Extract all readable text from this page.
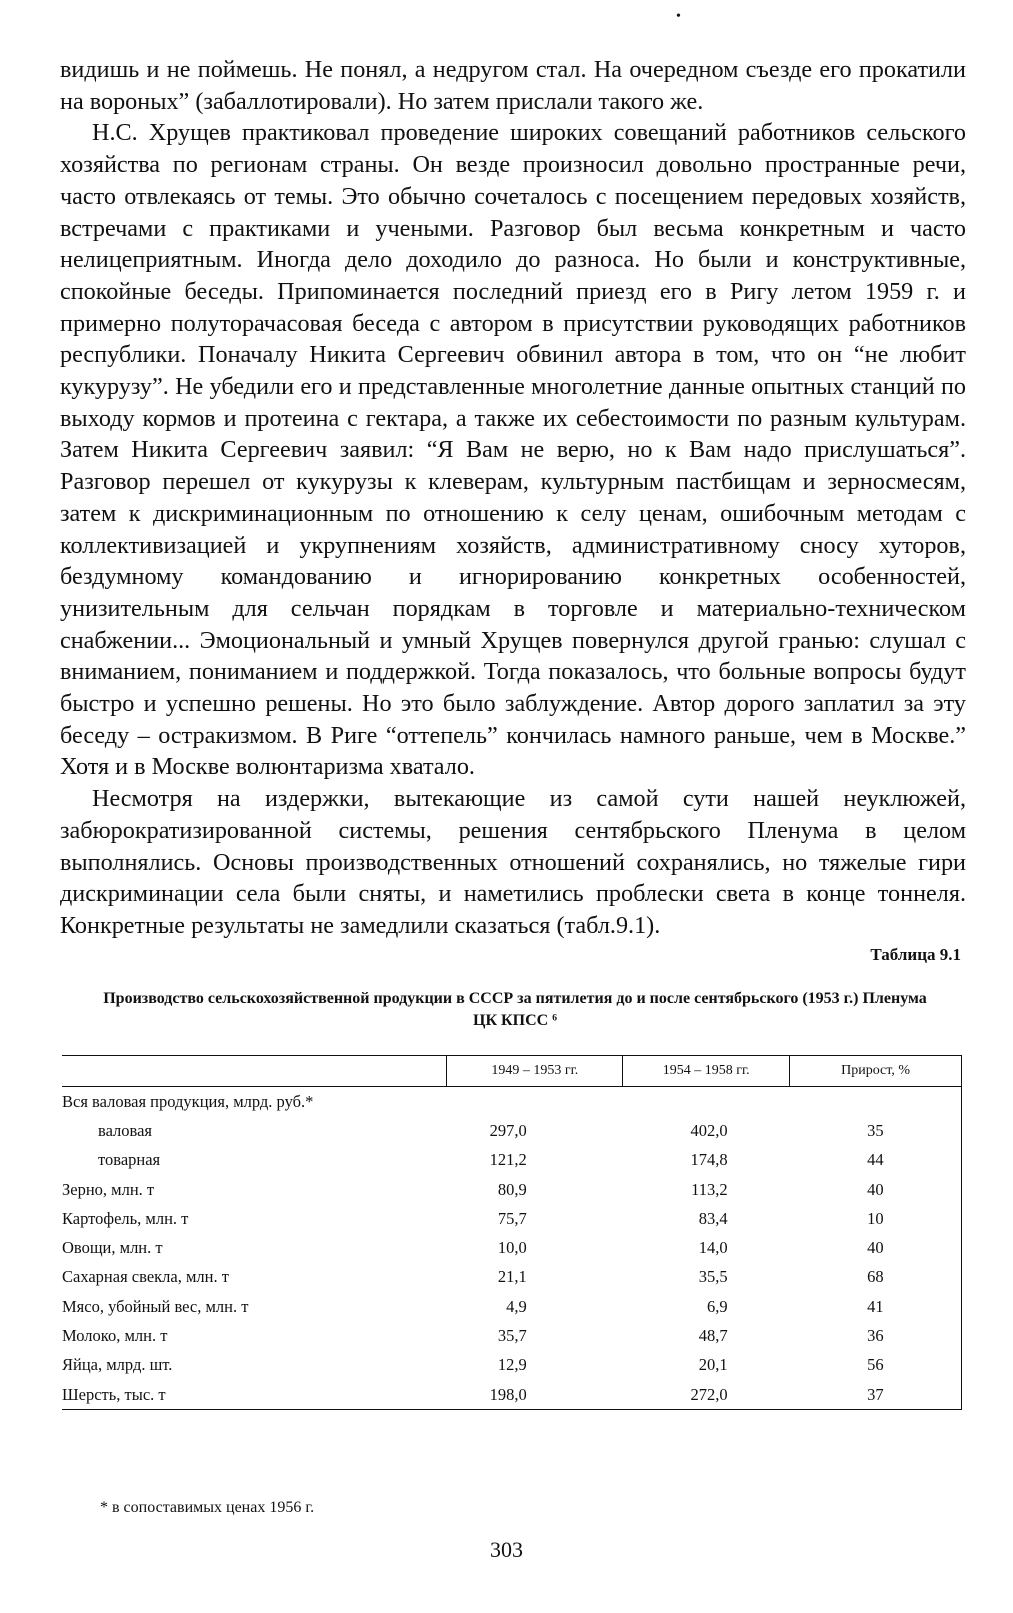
•

видишь и не поймешь. Не понял, а недругом стал. На очередном съезде его прокатили на вороных” (забаллотировали). Но затем прислали такого же.

Н.С. Хрущев практиковал проведение широких совещаний работников сельского хозяйства по регионам страны. Он везде произносил довольно пространные речи, часто отвлекаясь от темы. Это обычно сочеталось с посещением передовых хозяйств, встречами с практиками и учеными. Разговор был весьма конкретным и часто нелицеприятным. Иногда дело доходило до разноса. Но были и конструктивные, спокойные беседы. Припоминается последний приезд его в Ригу летом 1959 г. и примерно полуторачасовая беседа с автором в присутствии руководящих работников республики. Поначалу Никита Сергеевич обвинил автора в том, что он “не любит кукурузу”. Не убедили его и представленные многолетние данные опытных станций по выходу кормов и протеина с гектара, а также их себестоимости по разным культурам. Затем Никита Сергеевич заявил: “Я Вам не верю, но к Вам надо прислушаться”. Разговор перешел от кукурузы к клеверам, культурным пастбищам и зерносмесям, затем к дискриминационным по отношению к селу ценам, ошибочным методам с коллективизацией и укрупнениям хозяйств, административному сносу хуторов, бездумному командованию и игнорированию конкретных особенностей, унизительным для сельчан порядкам в торговле и материально-техническом снабжении... Эмоциональный и умный Хрущев повернулся другой гранью: слушал с вниманием, пониманием и поддержкой. Тогда показалось, что больные вопросы будут быстро и успешно решены. Но это было заблуждение. Автор дорого заплатил за эту беседу – остракизмом. В Риге “оттепель” кончилась намного раньше, чем в Москве.” Хотя и в Москве волюнтаризма хватало.

Несмотря на издержки, вытекающие из самой сути нашей неуклюжей, забюрократизированной системы, решения сентябрьского Пленума в целом выполнялись. Основы производственных отношений сохранялись, но тяжелые гири дискриминации села были сняты, и наметились проблески света в конце тоннеля. Конкретные результаты не замедлили сказаться (табл.9.1).

Таблица 9.1
Производство сельскохозяйственной продукции в СССР за пятилетия до и после сентябрьского (1953 г.) Пленума ЦК КПСС ⁶
	1949 – 1953 гг.	1954 – 1958 гг.	Прирост, %
Вся валовая продукция, млрд. руб.*			
валовая	297,0	402,0	35
товарная	121,2	174,8	44
Зерно, млн. т	80,9	113,2	40
Картофель, млн. т	75,7	83,4	10
Овощи, млн. т	10,0	14,0	40
Сахарная свекла, млн. т	21,1	35,5	68
Мясо, убойный вес, млн. т	4,9	6,9	41
Молоко, млн. т	35,7	48,7	36
Яйца, млрд. шт.	12,9	20,1	56
Шерсть, тыс. т	198,0	272,0	37
* в сопоставимых ценах 1956 г.
303
